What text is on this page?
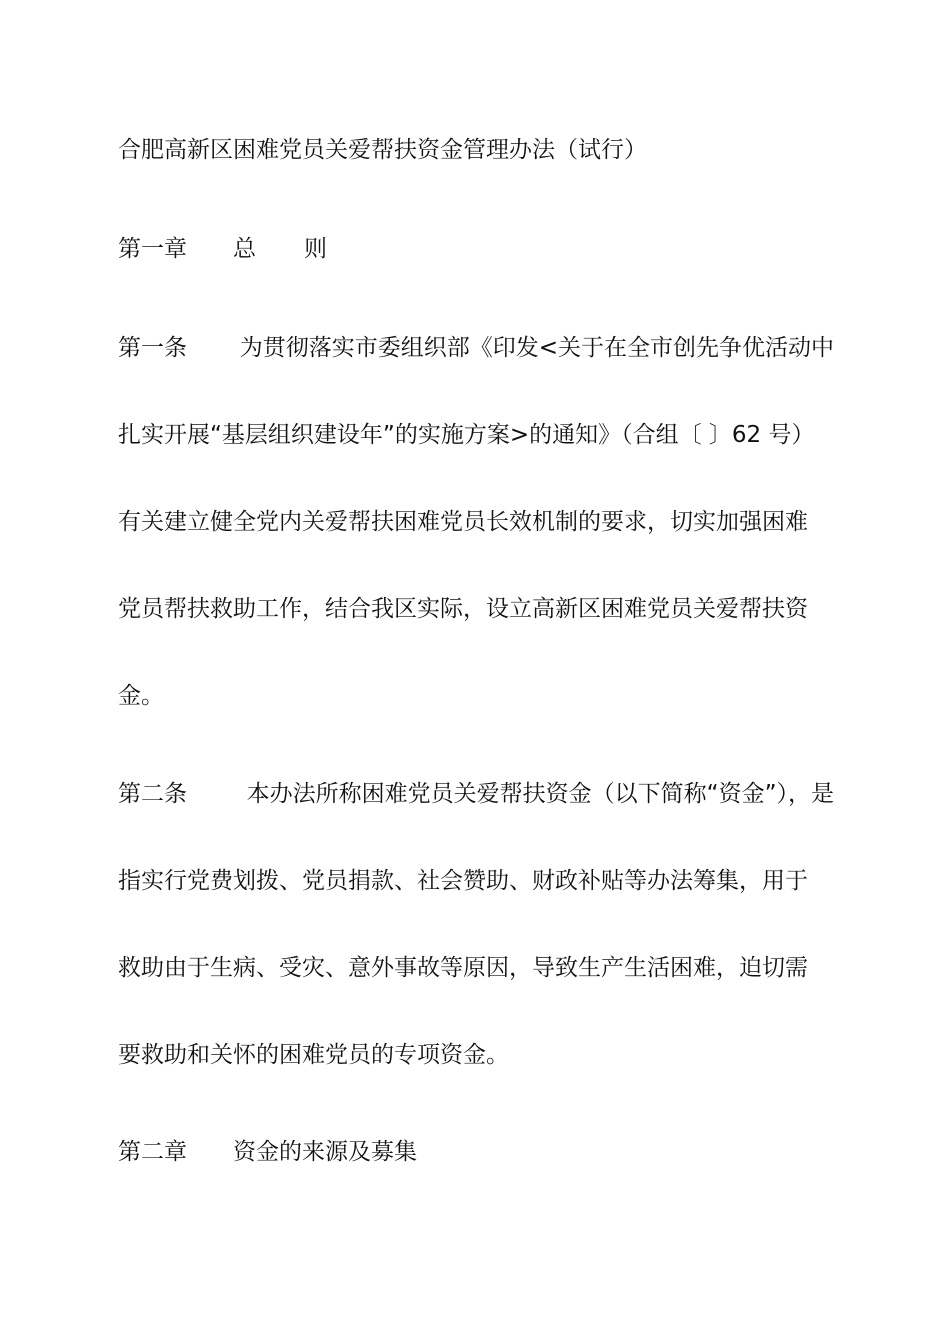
合肥高新区困难党员关爱帮扶资金管理办法（试行）
第一章 总 则
第一条 为贯彻落实市委组织部《印发<关于在全市创先争优活动中
扎实开展“基层组织建设年”的实施方案>的通知》（合组〔 〕62 号）
有关建立健全党内关爱帮扶困难党员长效机制的要求，切实加强困难
党员帮扶救助工作，结合我区实际，设立高新区困难党员关爱帮扶资
金。
第二条	本办法所称困难党员关爱帮扶资金（以下简称“资金”），是
指实行党费划拨、党员捐款、社会赞助、财政补贴等办法筹集，用于
救助由于生病、受灾、意外事故等原因，导致生产生活困难，迫切需
要救助和关怀的困难党员的专项资金。
第二章 资金的来源及募集
